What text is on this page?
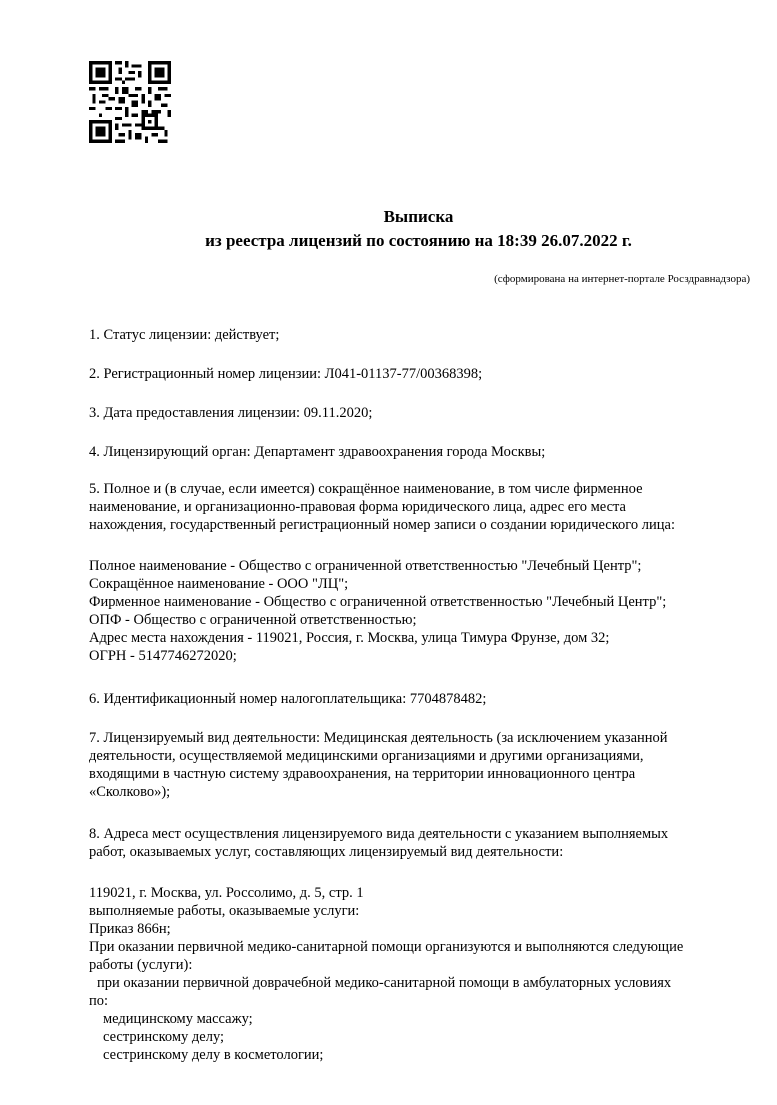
Выписка
из реестра лицензий по состоянию на 18:39 26.07.2022 г.
(сформирована на интернет-портале Росздравнадзора)
1. Статус лицензии: действует;
2. Регистрационный номер лицензии: Л041-01137-77/00368398;
3. Дата предоставления лицензии: 09.11.2020;
4. Лицензирующий орган: Департамент здравоохранения города Москвы;
5. Полное и (в случае, если имеется) сокращённое наименование, в том числе фирменное
наименование, и организационно-правовая форма юридического лица, адрес его места
нахождения, государственный регистрационный номер записи о создании юридического лица:
Полное наименование - Общество с ограниченной ответственностью "Лечебный Центр";
Сокращённое наименование - ООО "ЛЦ";
Фирменное наименование - Общество с ограниченной ответственностью "Лечебный Центр";
ОПФ - Общество с ограниченной ответственностью;
Адрес места нахождения - 119021, Россия, г. Москва, улица Тимура Фрунзе, дом 32;
ОГРН - 5147746272020;
6. Идентификационный номер налогоплательщика: 7704878482;
7. Лицензируемый вид деятельности: Медицинская деятельность (за исключением указанной
деятельности, осуществляемой медицинскими организациями и другими организациями,
входящими в частную систему здравоохранения, на территории инновационного центра
«Сколково»);
8. Адреса мест осуществления лицензируемого вида деятельности с указанием выполняемых
работ, оказываемых услуг, составляющих лицензируемый вид деятельности:
119021, г. Москва, ул. Россолимо, д. 5, стр. 1
выполняемые работы, оказываемые услуги:
Приказ 866н;
При оказании первичной медико-санитарной помощи организуются и выполняются следующие
работы (услуги):
при оказании первичной доврачебной медико-санитарной помощи в амбулаторных условиях
по:
медицинскому массажу;
сестринскому делу;
сестринскому делу в косметологии;
